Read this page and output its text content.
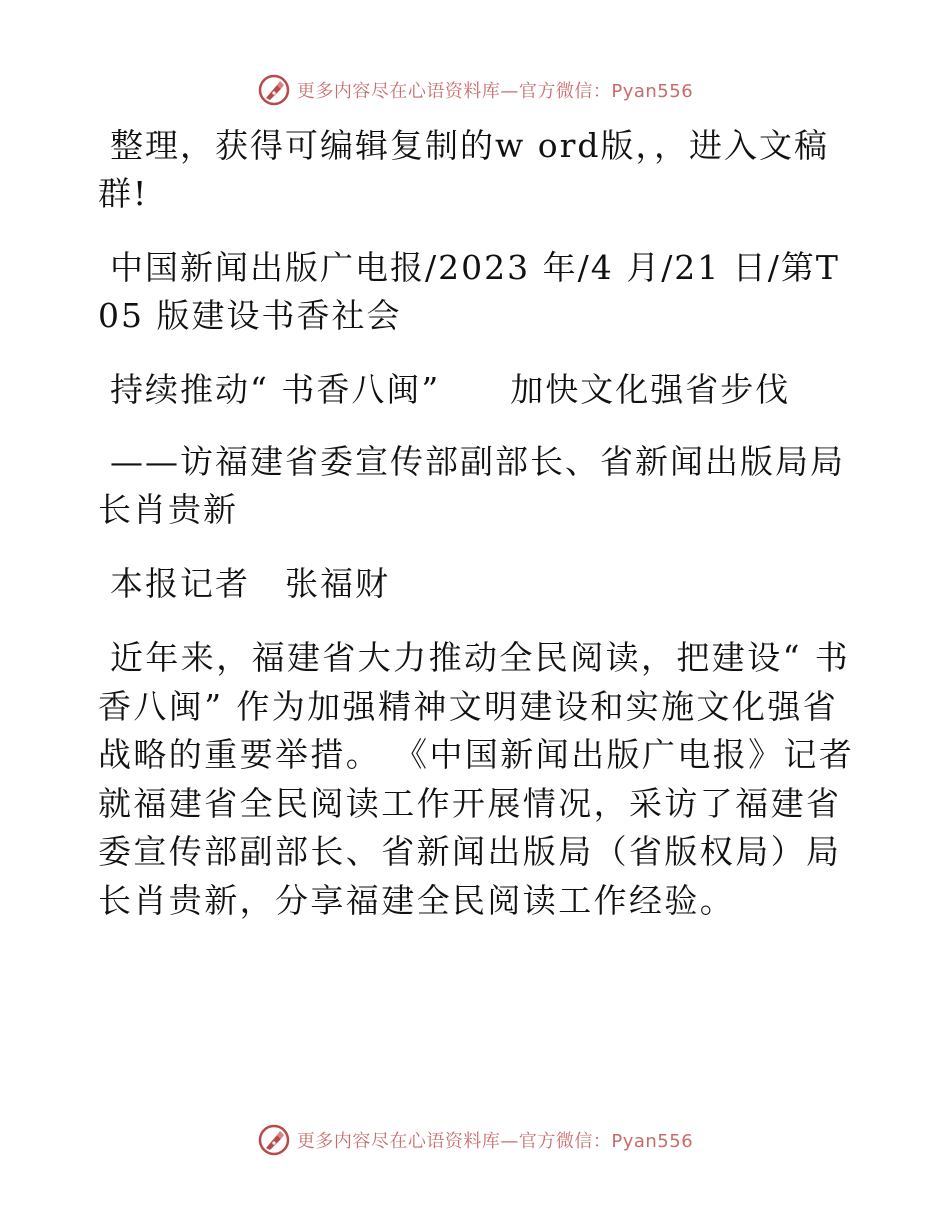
更多内容尽在心语资料库—官方微信：Pyan556

整理，获得可编辑复制的w ord版，，进入文稿群!

中国新闻出版广电报/2023 年/4 月/21 日/第T05 版建设书香社会

持续推动“ 书香八闽”　　加快文化强省步伐

——访福建省委宣传部副部长、省新闻出版局局长肖贵新

本报记者　张福财

近年来，福建省大力推动全民阅读，把建设“ 书香八闽” 作为加强精神文明建设和实施文化强省战略的重要举措。 《中国新闻出版广电报》记者就福建省全民阅读工作开展情况，采访了福建省委宣传部副部长、省新闻出版局（省版权局）局长肖贵新，分享福建全民阅读工作经验。

更多内容尽在心语资料库—官方微信：Pyan556
